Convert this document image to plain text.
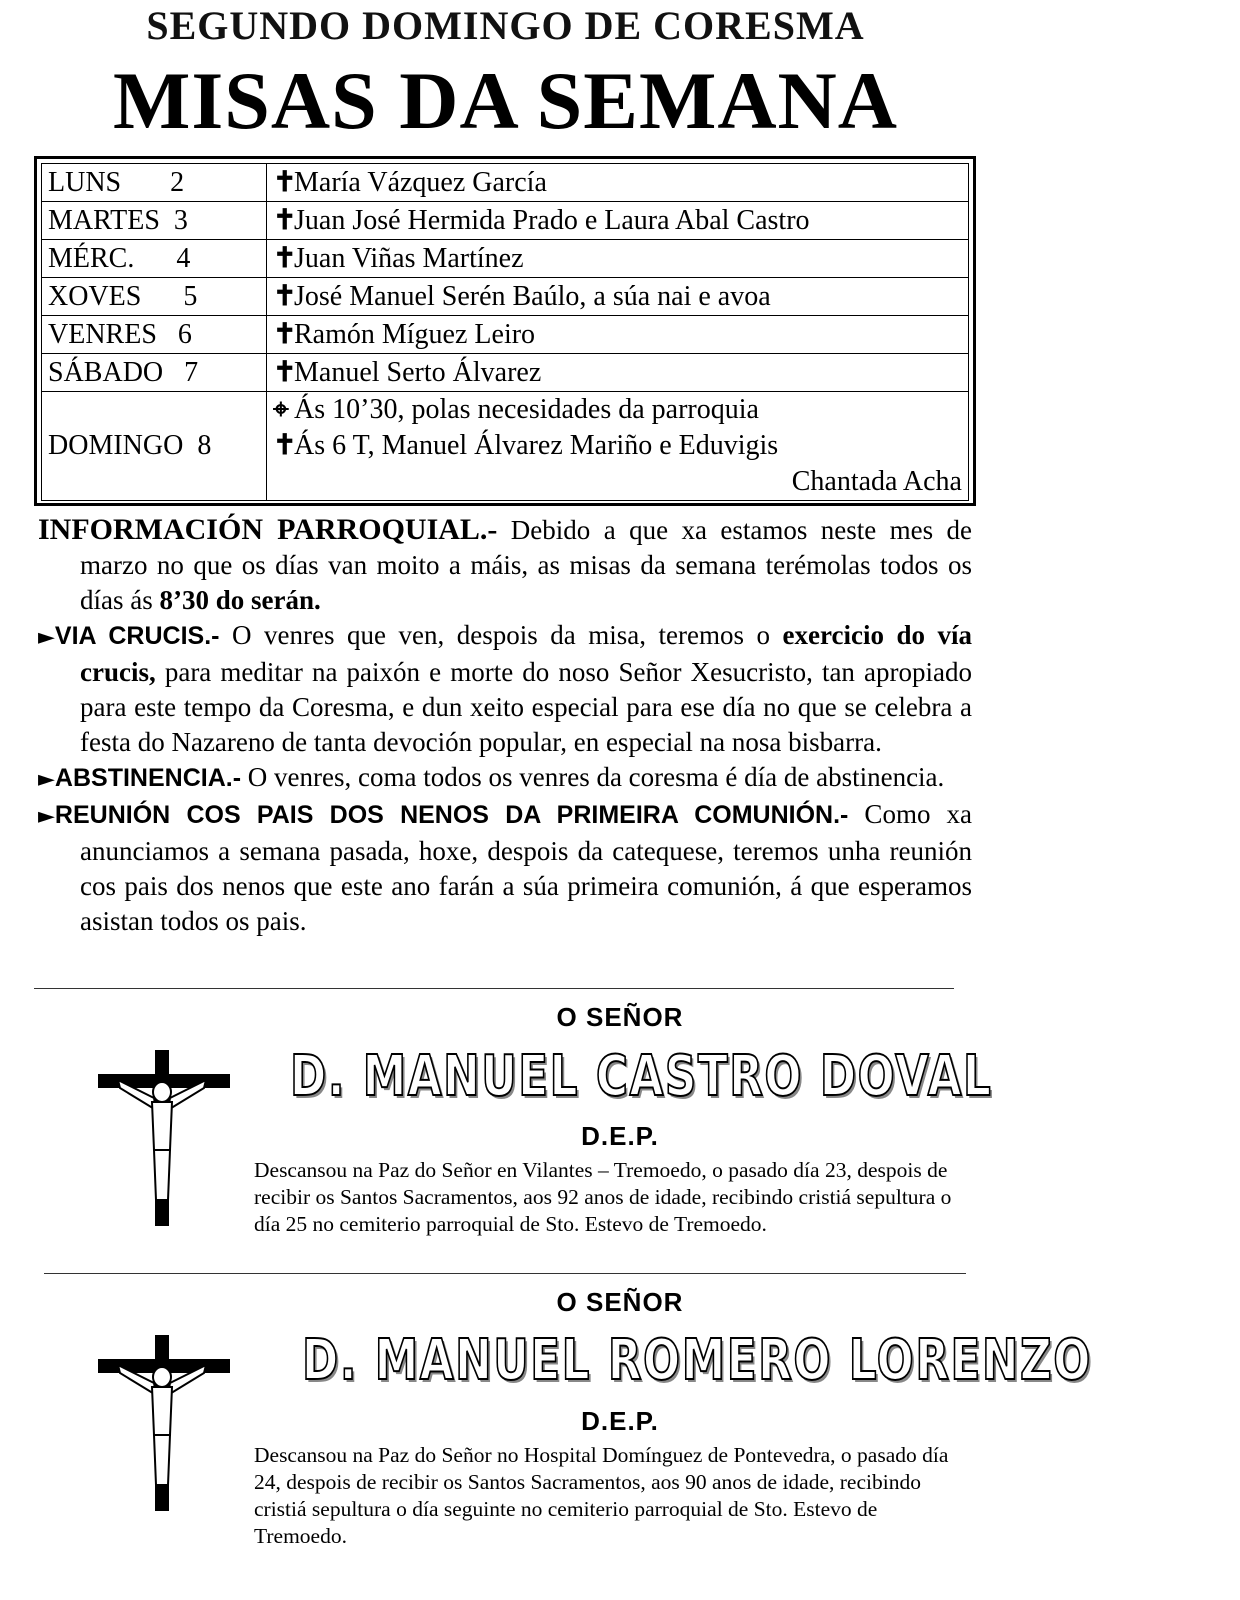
SEGUNDO DOMINGO DE CORESMA
MISAS DA SEMANA
LUNS       2	✝María Vázquez García
MARTES  3	✝Juan José Hermida Prado e Laura Abal Castro
MÉRC.      4	✝Juan Viñas Martínez
XOVES      5	✝José Manuel Serén Baúlo, a súa nai e avoa
VENRES   6	✝Ramón Míguez Leiro
SÁBADO   7	✝Manuel Serto Álvarez
DOMINGO  8	⌖ Ás 10’30, polas necesidades da parroquia
✝Ás 6 T, Manuel Álvarez Mariño e Eduvigis
Chantada Acha

INFORMACIÓN PARROQUIAL.- Debido a que xa estamos neste mes de marzo no que os días van moito a máis, as misas da semana terémolas todos os días ás 8’30 do serán.

►VIA CRUCIS.- O venres que ven, despois da misa, teremos o exercicio do vía crucis, para meditar na paixón e morte do noso Señor Xesucristo, tan apropiado para este tempo da Coresma, e dun xeito especial para ese día no que se celebra a festa do Nazareno de tanta devoción popular, en especial na nosa bisbarra.

►ABSTINENCIA.- O venres, coma todos os venres da coresma é día de abstinencia.

►REUNIÓN COS PAIS DOS NENOS DA PRIMEIRA COMUNIÓN.- Como xa anunciamos a semana pasada, hoxe, despois da catequese, teremos unha reunión cos pais dos nenos que este ano farán a súa primeira comunión, á que esperamos asistan todos os pais.

O SEÑOR
D. MANUEL CASTRO DOVAL
D.E.P.
Descansou na Paz do Señor en Vilantes – Tremoedo, o pasado día 23, despois de recibir os Santos Sacramentos, aos 92 anos de idade, recibindo cristiá sepultura o día 25 no cemiterio parroquial de Sto. Estevo de Tremoedo.
O SEÑOR
D. MANUEL ROMERO LORENZO
D.E.P.
Descansou na Paz do Señor no Hospital Domínguez de Pontevedra, o pasado día 24, despois de recibir os Santos Sacramentos, aos 90 anos de idade, recibindo cristiá sepultura o día seguinte no cemiterio parroquial de Sto. Estevo de Tremoedo.
